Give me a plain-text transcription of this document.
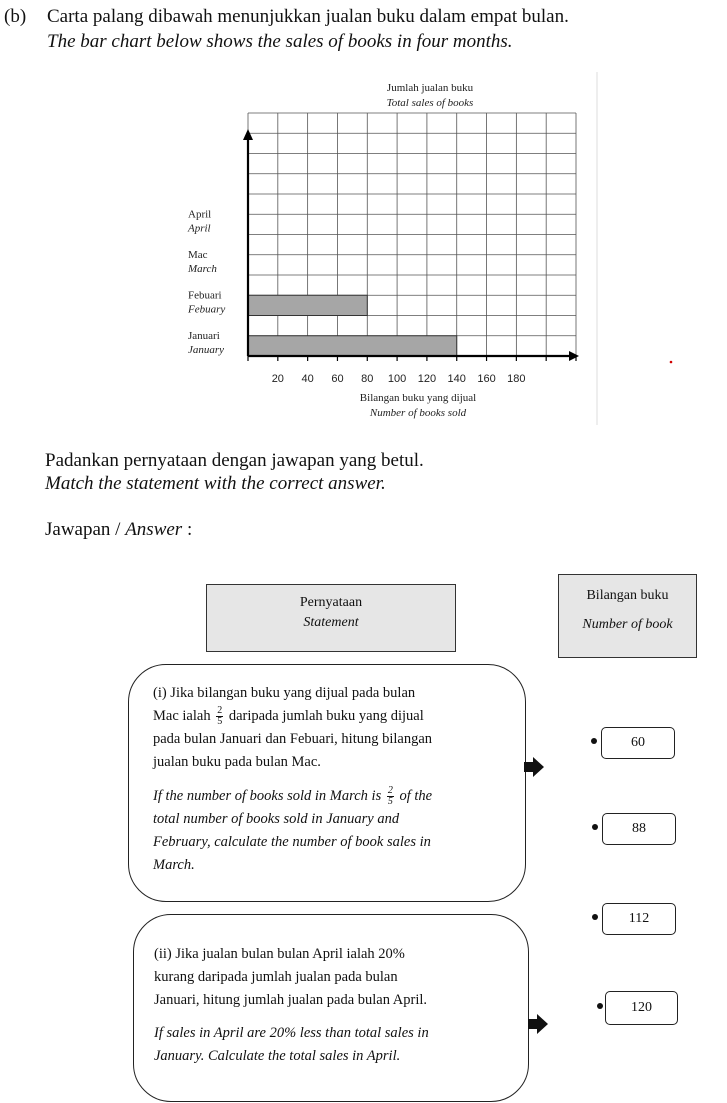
(b) Carta palang dibawah menunjukkan jualan buku dalam empat bulan.
The bar chart below shows the sales of books in four months.
Jumlah jualan buku
Total sales of books
20 40 60 80 100 120 140 160 180
Januari
January
Febuari
Febuary
Mac
March
April
April
Bilangan buku yang dijual
Number of books sold
Padankan pernyataan dengan jawapan yang betul.
Match the statement with the correct answer.
Jawapan / Answer :
Pernyataan
Statement
Bilangan buku
Number of book

(i) Jika bilangan buku yang dijual pada bulan

Mac ialah $\frac{2}{5}$ daripada jumlah buku yang dijual

pada bulan Januari dan Febuari, hitung bilangan

jualan buku pada bulan Mac.

If the number of books sold in March is $\frac{2}{5}$ of the

total number of books sold in January and

February, calculate the number of book sales in

March.

(ii) Jika jualan bulan bulan April ialah 20%

kurang daripada jumlah jualan pada bulan

Januari, hitung jumlah jualan pada bulan April.

If sales in April are 20% less than total sales in

January. Calculate the total sales in April.

60
88
112
120
